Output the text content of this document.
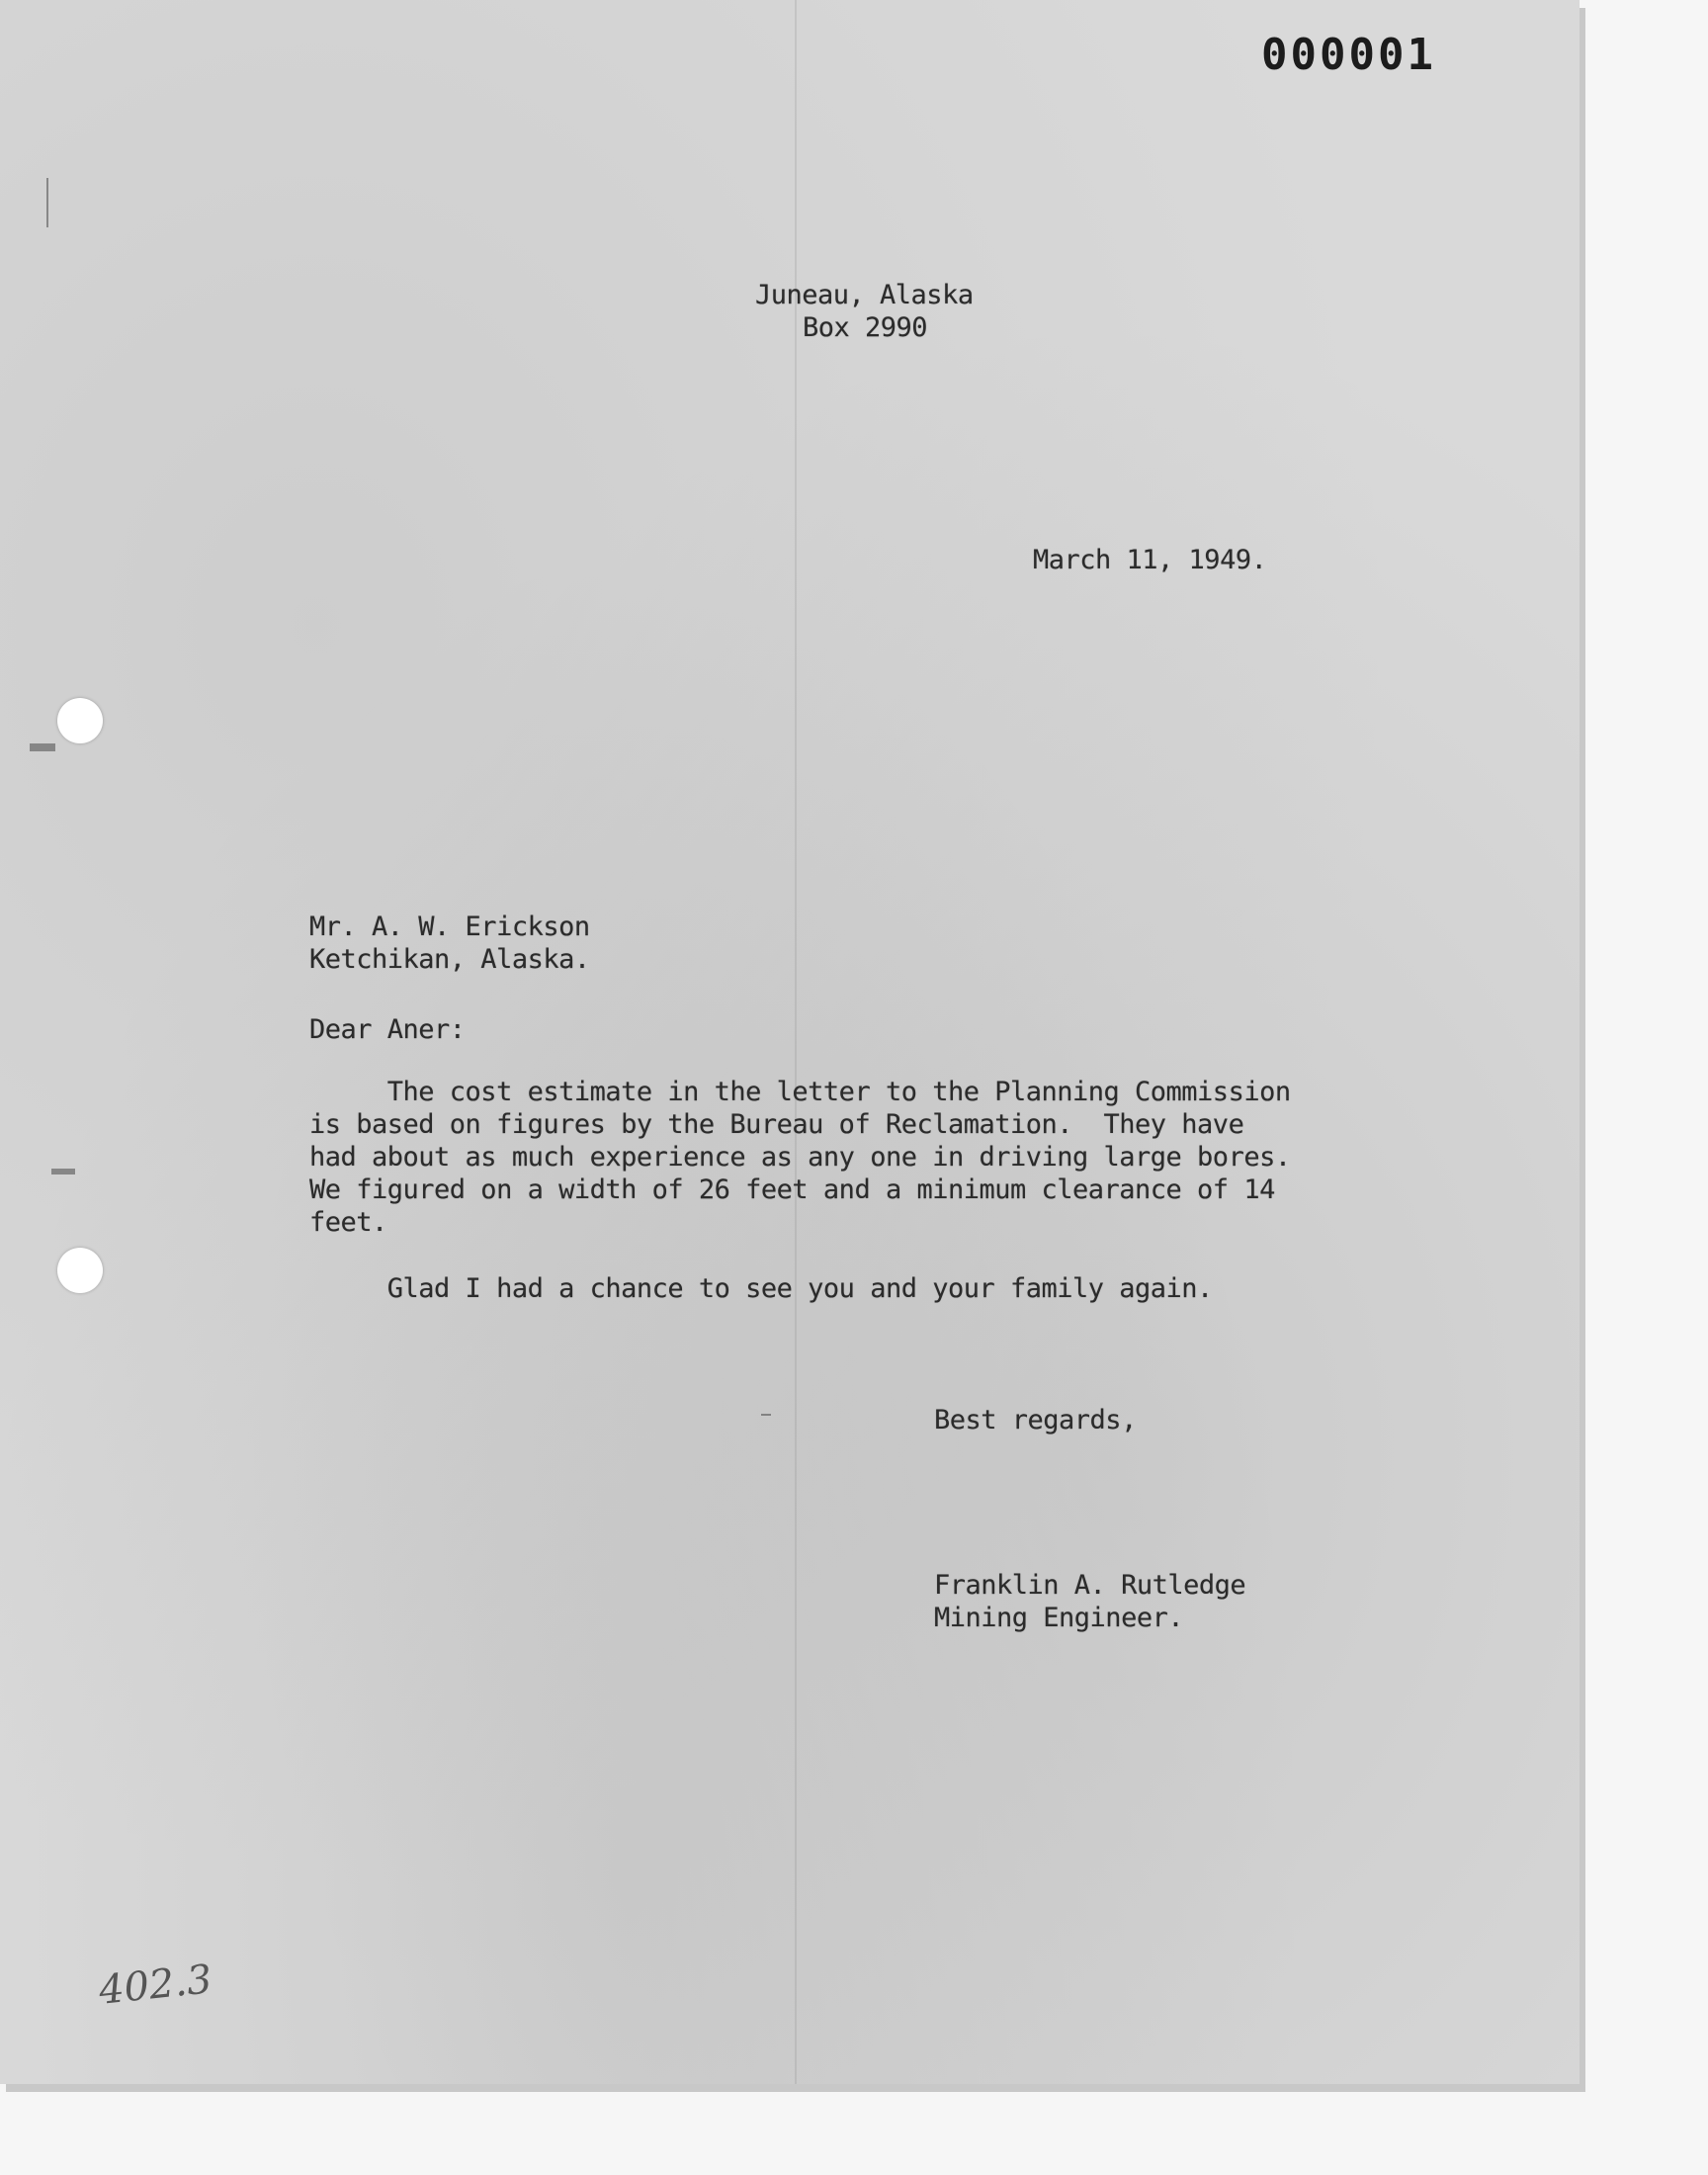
000001
Juneau, Alaska
Box 2990
March 11, 1949.
Mr. A. W. Erickson
Ketchikan, Alaska.
Dear Aner:
The cost estimate in the letter to the Planning Commission
is based on figures by the Bureau of Reclamation.  They have
had about as much experience as any one in driving large bores.
We figured on a width of 26 feet and a minimum clearance of 14
feet.
Glad I had a chance to see you and your family again.
Best regards,
Franklin A. Rutledge
Mining Engineer.
402.3
